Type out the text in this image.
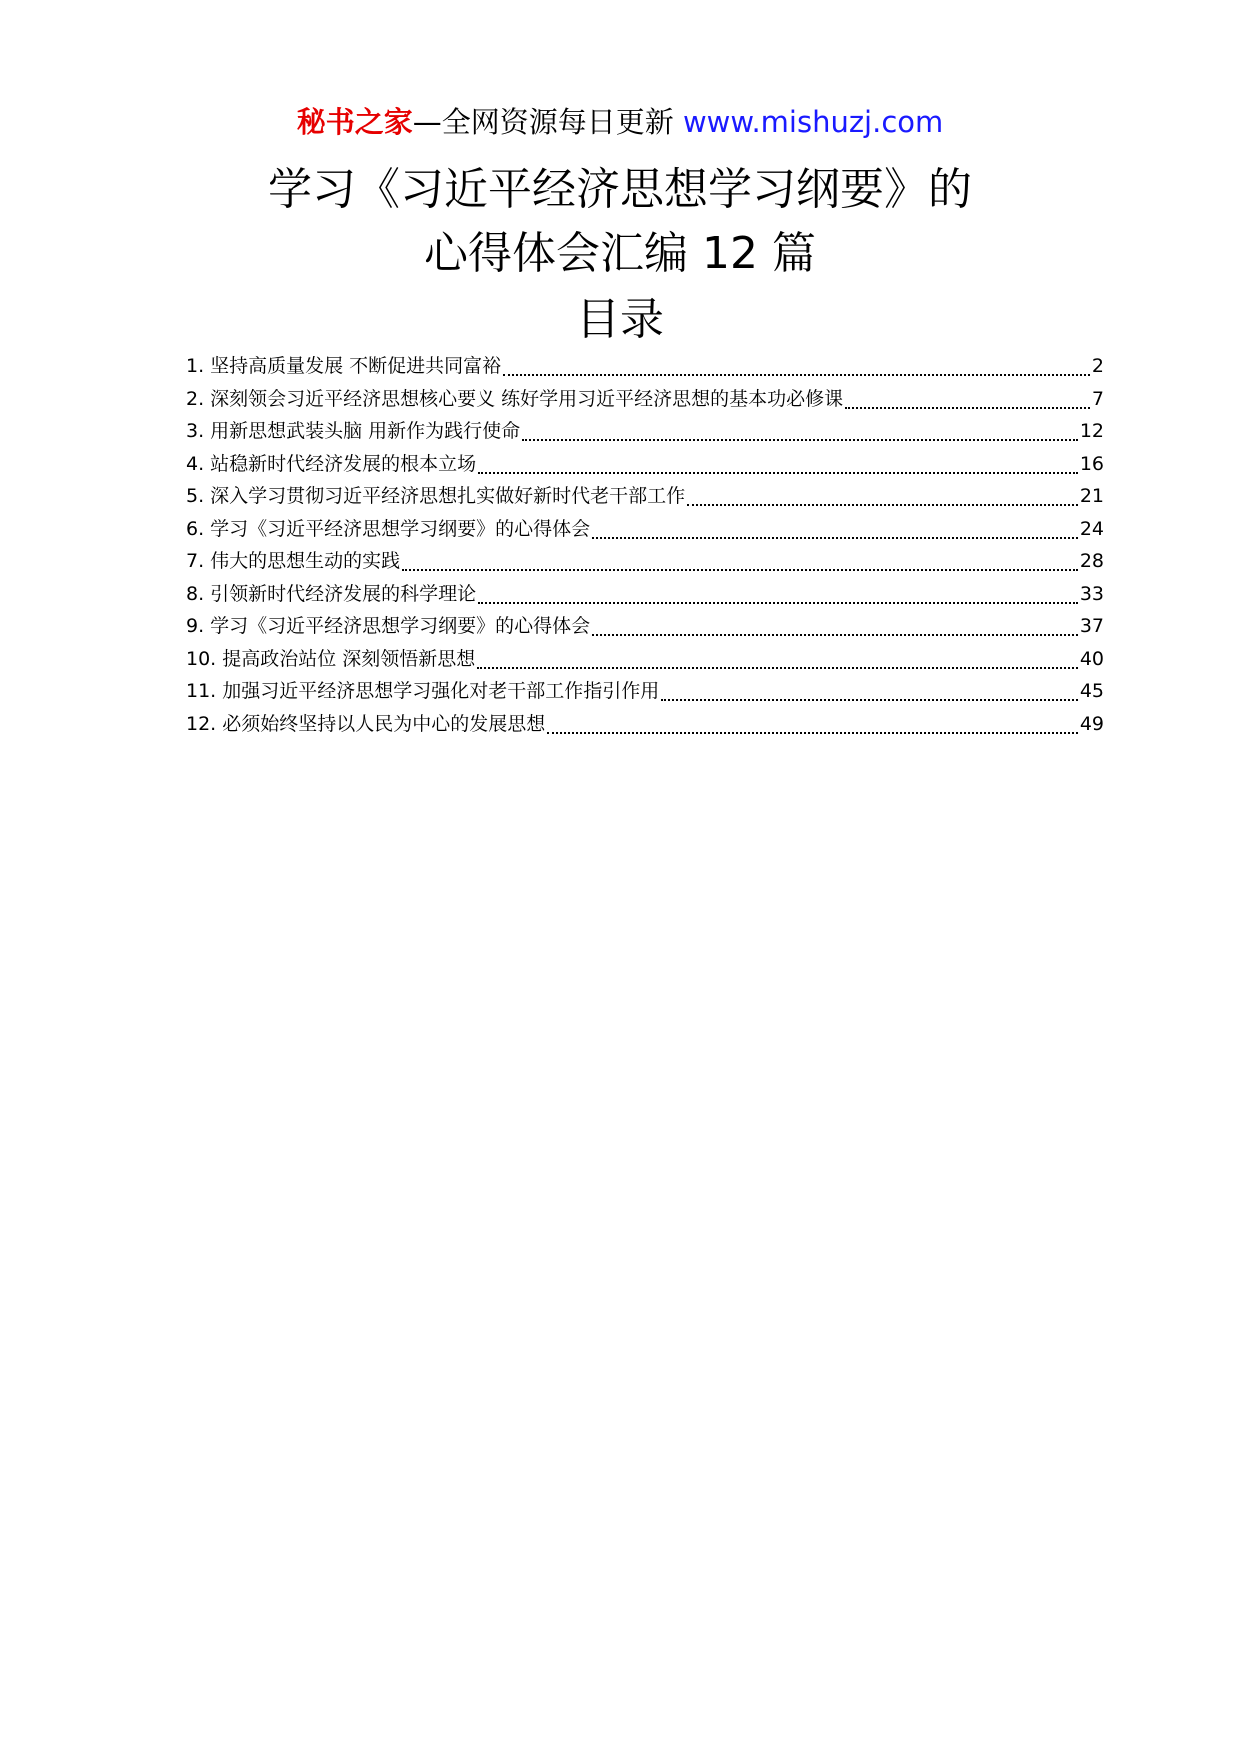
秘书之家—全网资源每日更新 www.mishuzj.com
学习《习近平经济思想学习纲要》的
心得体会汇编 12 篇
目录
1. 坚持高质量发展 不断促进共同富裕	2
2. 深刻领会习近平经济思想核心要义 练好学用习近平经济思想的基本功必修课	7
3. 用新思想武装头脑 用新作为践行使命	12
4. 站稳新时代经济发展的根本立场	16
5. 深入学习贯彻习近平经济思想扎实做好新时代老干部工作	21
6. 学习《习近平经济思想学习纲要》的心得体会	24
7. 伟大的思想生动的实践	28
8. 引领新时代经济发展的科学理论	33
9. 学习《习近平经济思想学习纲要》的心得体会	37
10. 提高政治站位 深刻领悟新思想	40
11. 加强习近平经济思想学习强化对老干部工作指引作用	45
12. 必须始终坚持以人民为中心的发展思想	49
